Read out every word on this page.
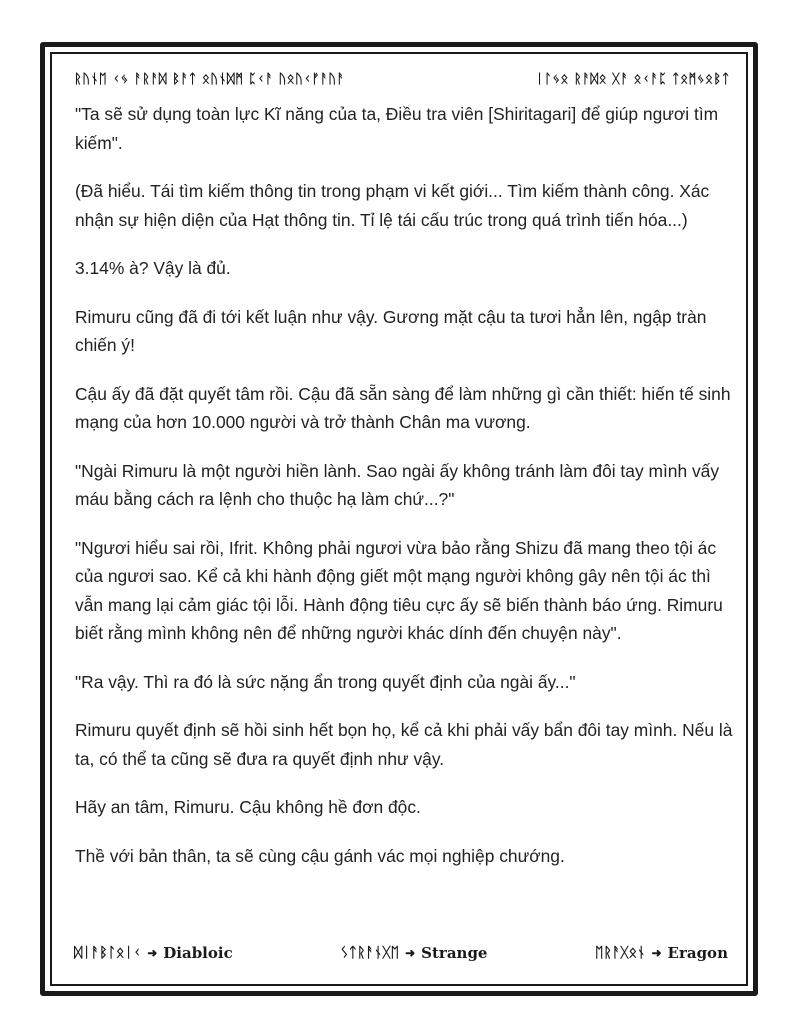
ᚱᚢᚾᛖ ᚲᛃ ᚨᚱᚨᛞ ᛒᚨᛏ ᛟᚢᚾᛞᛗ ᛈᚲᚨ ᚢᛟᚢᚲᚠᚨᚢᚨ	ᛁᛚᛃᛟ ᚱᚨᛞᛟ ᚷᚨ ᛟᚲᚨᛈ ᛏᛟᛗᛃᛟᛒᛏ

"Ta sẽ sử dụng toàn lực Kĩ năng của ta, Điều tra viên [Shiritagari] để giúp ngươi tìm kiếm".

(Đã hiểu. Tái tìm kiếm thông tin trong phạm vi kết giới... Tìm kiếm thành công. Xác nhận sự hiện diện của Hạt thông tin. Tỉ lệ tái cấu trúc trong quá trình tiến hóa...)

3.14% à? Vậy là đủ.

Rimuru cũng đã đi tới kết luận như vậy. Gương mặt cậu ta tươi hẳn lên, ngập tràn chiến ý!

Cậu ấy đã đặt quyết tâm rồi. Cậu đã sẵn sàng để làm những gì cần thiết: hiến tế sinh mạng của hơn 10.000 người và trở thành Chân ma vương.

"Ngài Rimuru là một người hiền lành. Sao ngài ấy không tránh làm đôi tay mình vấy máu bằng cách ra lệnh cho thuộc hạ làm chứ...?"

"Ngươi hiểu sai rồi, Ifrit. Không phải ngươi vừa bảo rằng Shizu đã mang theo tội ác của ngươi sao. Kể cả khi hành động giết một mạng người không gây nên tội ác thì vẫn mang lại cảm giác tội lỗi. Hành động tiêu cực ấy sẽ biến thành báo ứng. Rimuru biết rằng mình không nên để những người khác dính đến chuyện này".

"Ra vậy. Thì ra đó là sức nặng ẩn trong quyết định của ngài ấy..."

Rimuru quyết định sẽ hồi sinh hết bọn họ, kể cả khi phải vấy bẩn đôi tay mình. Nếu là ta, có thể ta cũng sẽ đưa ra quyết định như vậy.

Hãy an tâm, Rimuru. Cậu không hề đơn độc.

Thề với bản thân, ta sẽ cùng cậu gánh vác mọi nghiệp chướng.

ᛞᛁᚨᛒᛚᛟᛁᚲ ➜ Diabloic	ᛊᛏᚱᚨᚾᚷᛖ ➜ Strange	ᛖᚱᚨᚷᛟᚾ ➜ Eragon
